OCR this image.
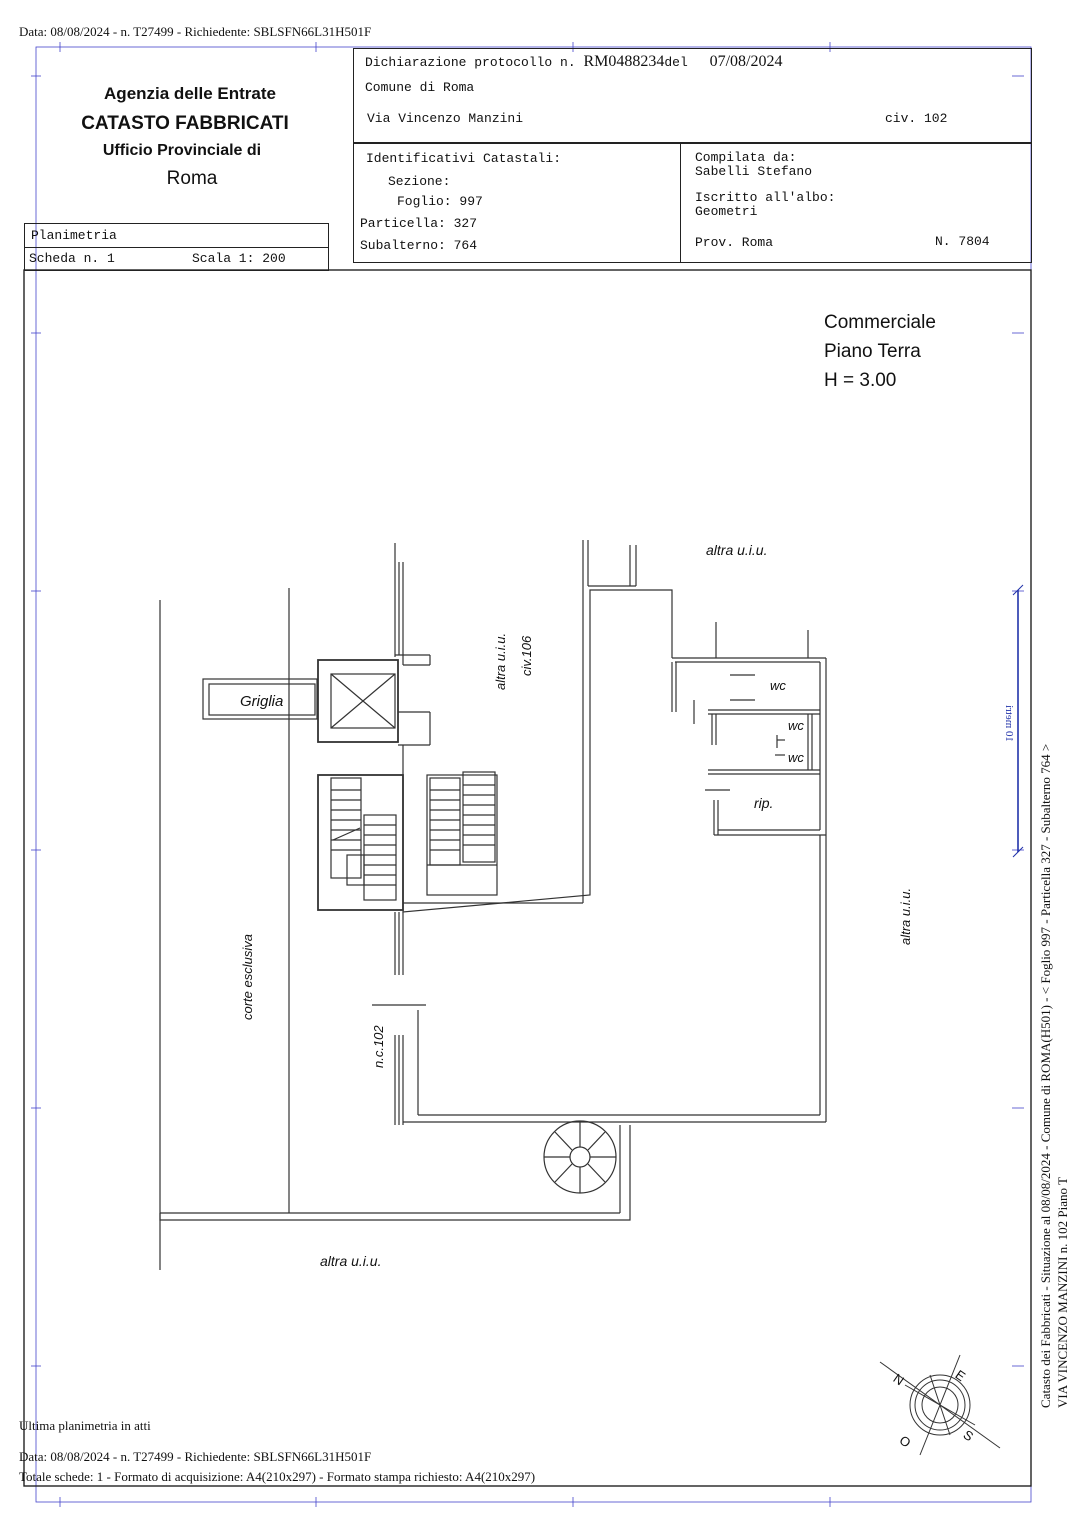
Data: 08/08/2024 - n. T27499 - Richiedente: SBLSFN66L31H501F
10 metri
Agenzia delle Entrate
CATASTO FABBRICATI
Ufficio Provinciale di
Roma
Planimetria
Scheda n. 1	Scala 1: 200
Dichiarazione protocollo n. RM0488234del 07/08/2024
Comune di Roma
Via Vincenzo Manzini	civ. 102
Identificativi Catastali:
Sezione:
Foglio: 997
Particella: 327
Subalterno: 764
Compilata da:
Sabelli Stefano
Iscritto all'albo:
Geometri
Prov. Roma	N. 7804
Commerciale
Piano Terra
H = 3.00
altra u.i.u.
altra u.i.u. civ.106
Griglia
wc
wc
wc
rip.
altra u.i.u.
corte esclusiva
n.c.102
altra u.i.u.
N	E
S
O
Catasto dei Fabbricati - Situazione al 08/08/2024 - Comune di ROMA(H501) - < Foglio 997 - Particella 327 - Subalterno 764 > VIA VINCENZO MANZINI n. 102 Piano T
Ultima planimetria in atti
Data: 08/08/2024 - n. T27499 - Richiedente: SBLSFN66L31H501F
Totale schede: 1 - Formato di acquisizione: A4(210x297) - Formato stampa richiesto: A4(210x297)
